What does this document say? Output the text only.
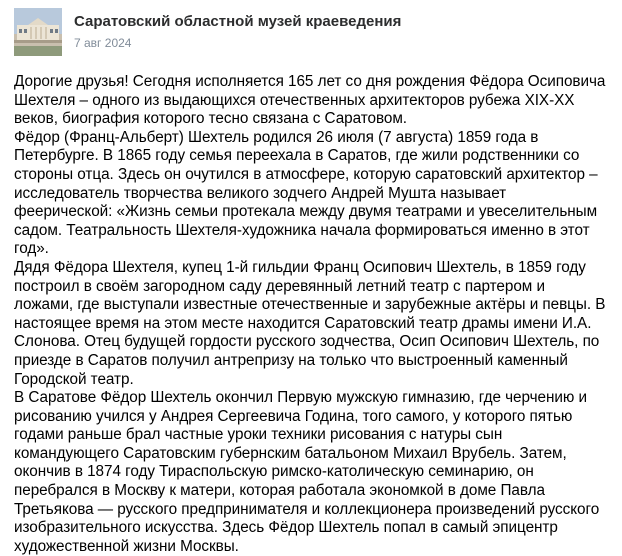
Саратовский областной музей краеведения
7 авг 2024

Дорогие друзья! Сегодня исполняется 165 лет со дня рождения Фёдора Осиповича Шехтеля – одного из выдающихся отечественных архитекторов рубежа XIX-XX веков, биография которого тесно связана с Саратовом.

Фёдор (Франц-Альберт) Шехтель родился 26 июля (7 августа) 1859 года в Петербурге. В 1865 году семья переехала в Саратов, где жили родственники со стороны отца. Здесь он очутился в атмосфере, которую саратовский архитектор – исследователь творчества великого зодчего Андрей Мушта называет феерической: «Жизнь семьи протекала между двумя театрами и увеселительным садом. Театральность Шехтеля-художника начала формироваться именно в этот год».

Дядя Фёдора Шехтеля, купец 1-й гильдии Франц Осипович Шехтель, в 1859 году построил в своём загородном саду деревянный летний театр с партером и ложами, где выступали известные отечественные и зарубежные актёры и певцы. В настоящее время на этом месте находится Саратовский театр драмы имени И.А. Слонова. Отец будущей гордости русского зодчества, Осип Осипович Шехтель, по приезде в Саратов получил антрепризу на только что выстроенный каменный Городской театр.

В Саратове Фёдор Шехтель окончил Первую мужскую гимназию, где черчению и рисованию учился у Андрея Сергеевича Година, того самого, у которого пятью годами раньше брал частные уроки техники рисования с натуры сын командующего Саратовским губернским батальоном Михаил Врубель. Затем, окончив в 1874 году Тираспольскую римско-католическую семинарию, он перебрался в Москву к матери, которая работала экономкой в доме Павла Третьякова — русского предпринимателя и коллекционера произведений русского изобразительного искусства. Здесь Фёдор Шехтель попал в самый эпицентр художественной жизни Москвы.
